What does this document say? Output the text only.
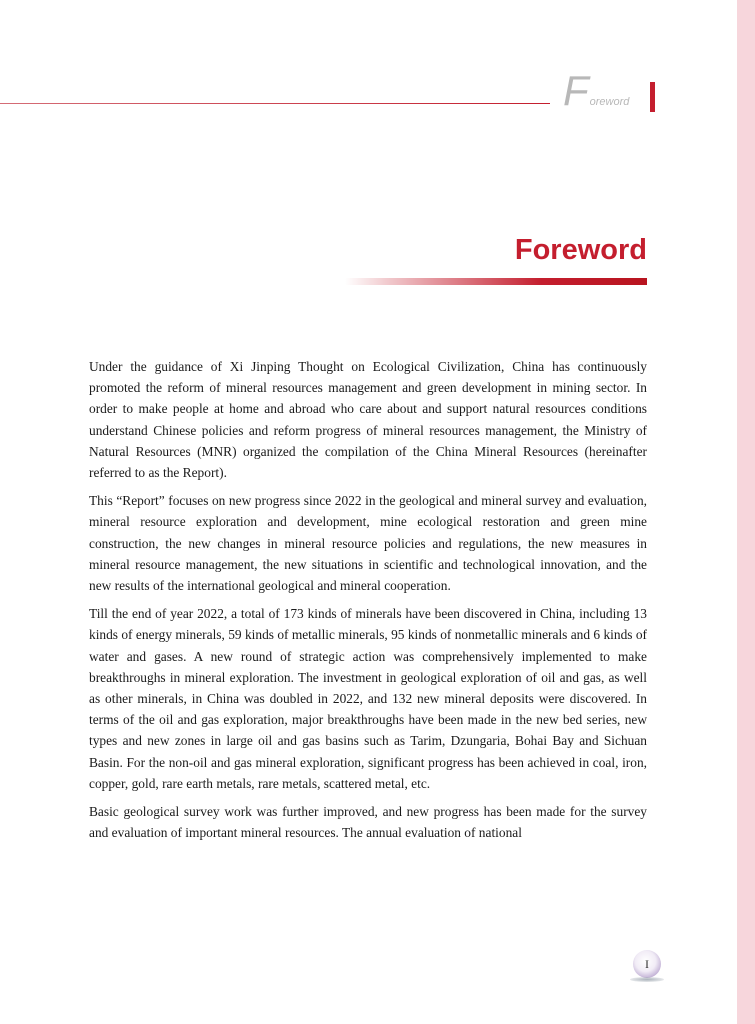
Foreword
Foreword

Under the guidance of Xi Jinping Thought on Ecological Civilization, China has continuously promoted the reform of mineral resources management and green development in mining sector. In order to make people at home and abroad who care about and support natural resources conditions understand Chinese policies and reform progress of mineral resources management, the Ministry of Natural Resources (MNR) organized the compilation of the China Mineral Resources (hereinafter referred to as the Report).

This “Report” focuses on new progress since 2022 in the geological and mineral survey and evaluation, mineral resource exploration and development, mine ecological restoration and green mine construction, the new changes in mineral resource policies and regulations, the new measures in mineral resource management, the new situations in scientific and technological innovation, and the new results of the international geological and mineral cooperation.

Till the end of year 2022, a total of 173 kinds of minerals have been discovered in China, including 13 kinds of energy minerals, 59 kinds of metallic minerals, 95 kinds of nonmetallic minerals and 6 kinds of water and gases. A new round of strategic action was comprehensively implemented to make breakthroughs in mineral exploration. The investment in geological exploration of oil and gas, as well as other minerals, in China was doubled in 2022, and 132 new mineral deposits were discovered. In terms of the oil and gas exploration, major breakthroughs have been made in the new bed series, new types and new zones in large oil and gas basins such as Tarim, Dzungaria, Bohai Bay and Sichuan Basin. For the non-oil and gas mineral exploration, significant progress has been achieved in coal, iron, copper, gold, rare earth metals, rare metals, scattered metal, etc.

Basic geological survey work was further improved, and new progress has been made for the survey and evaluation of important mineral resources. The annual evaluation of national

I
